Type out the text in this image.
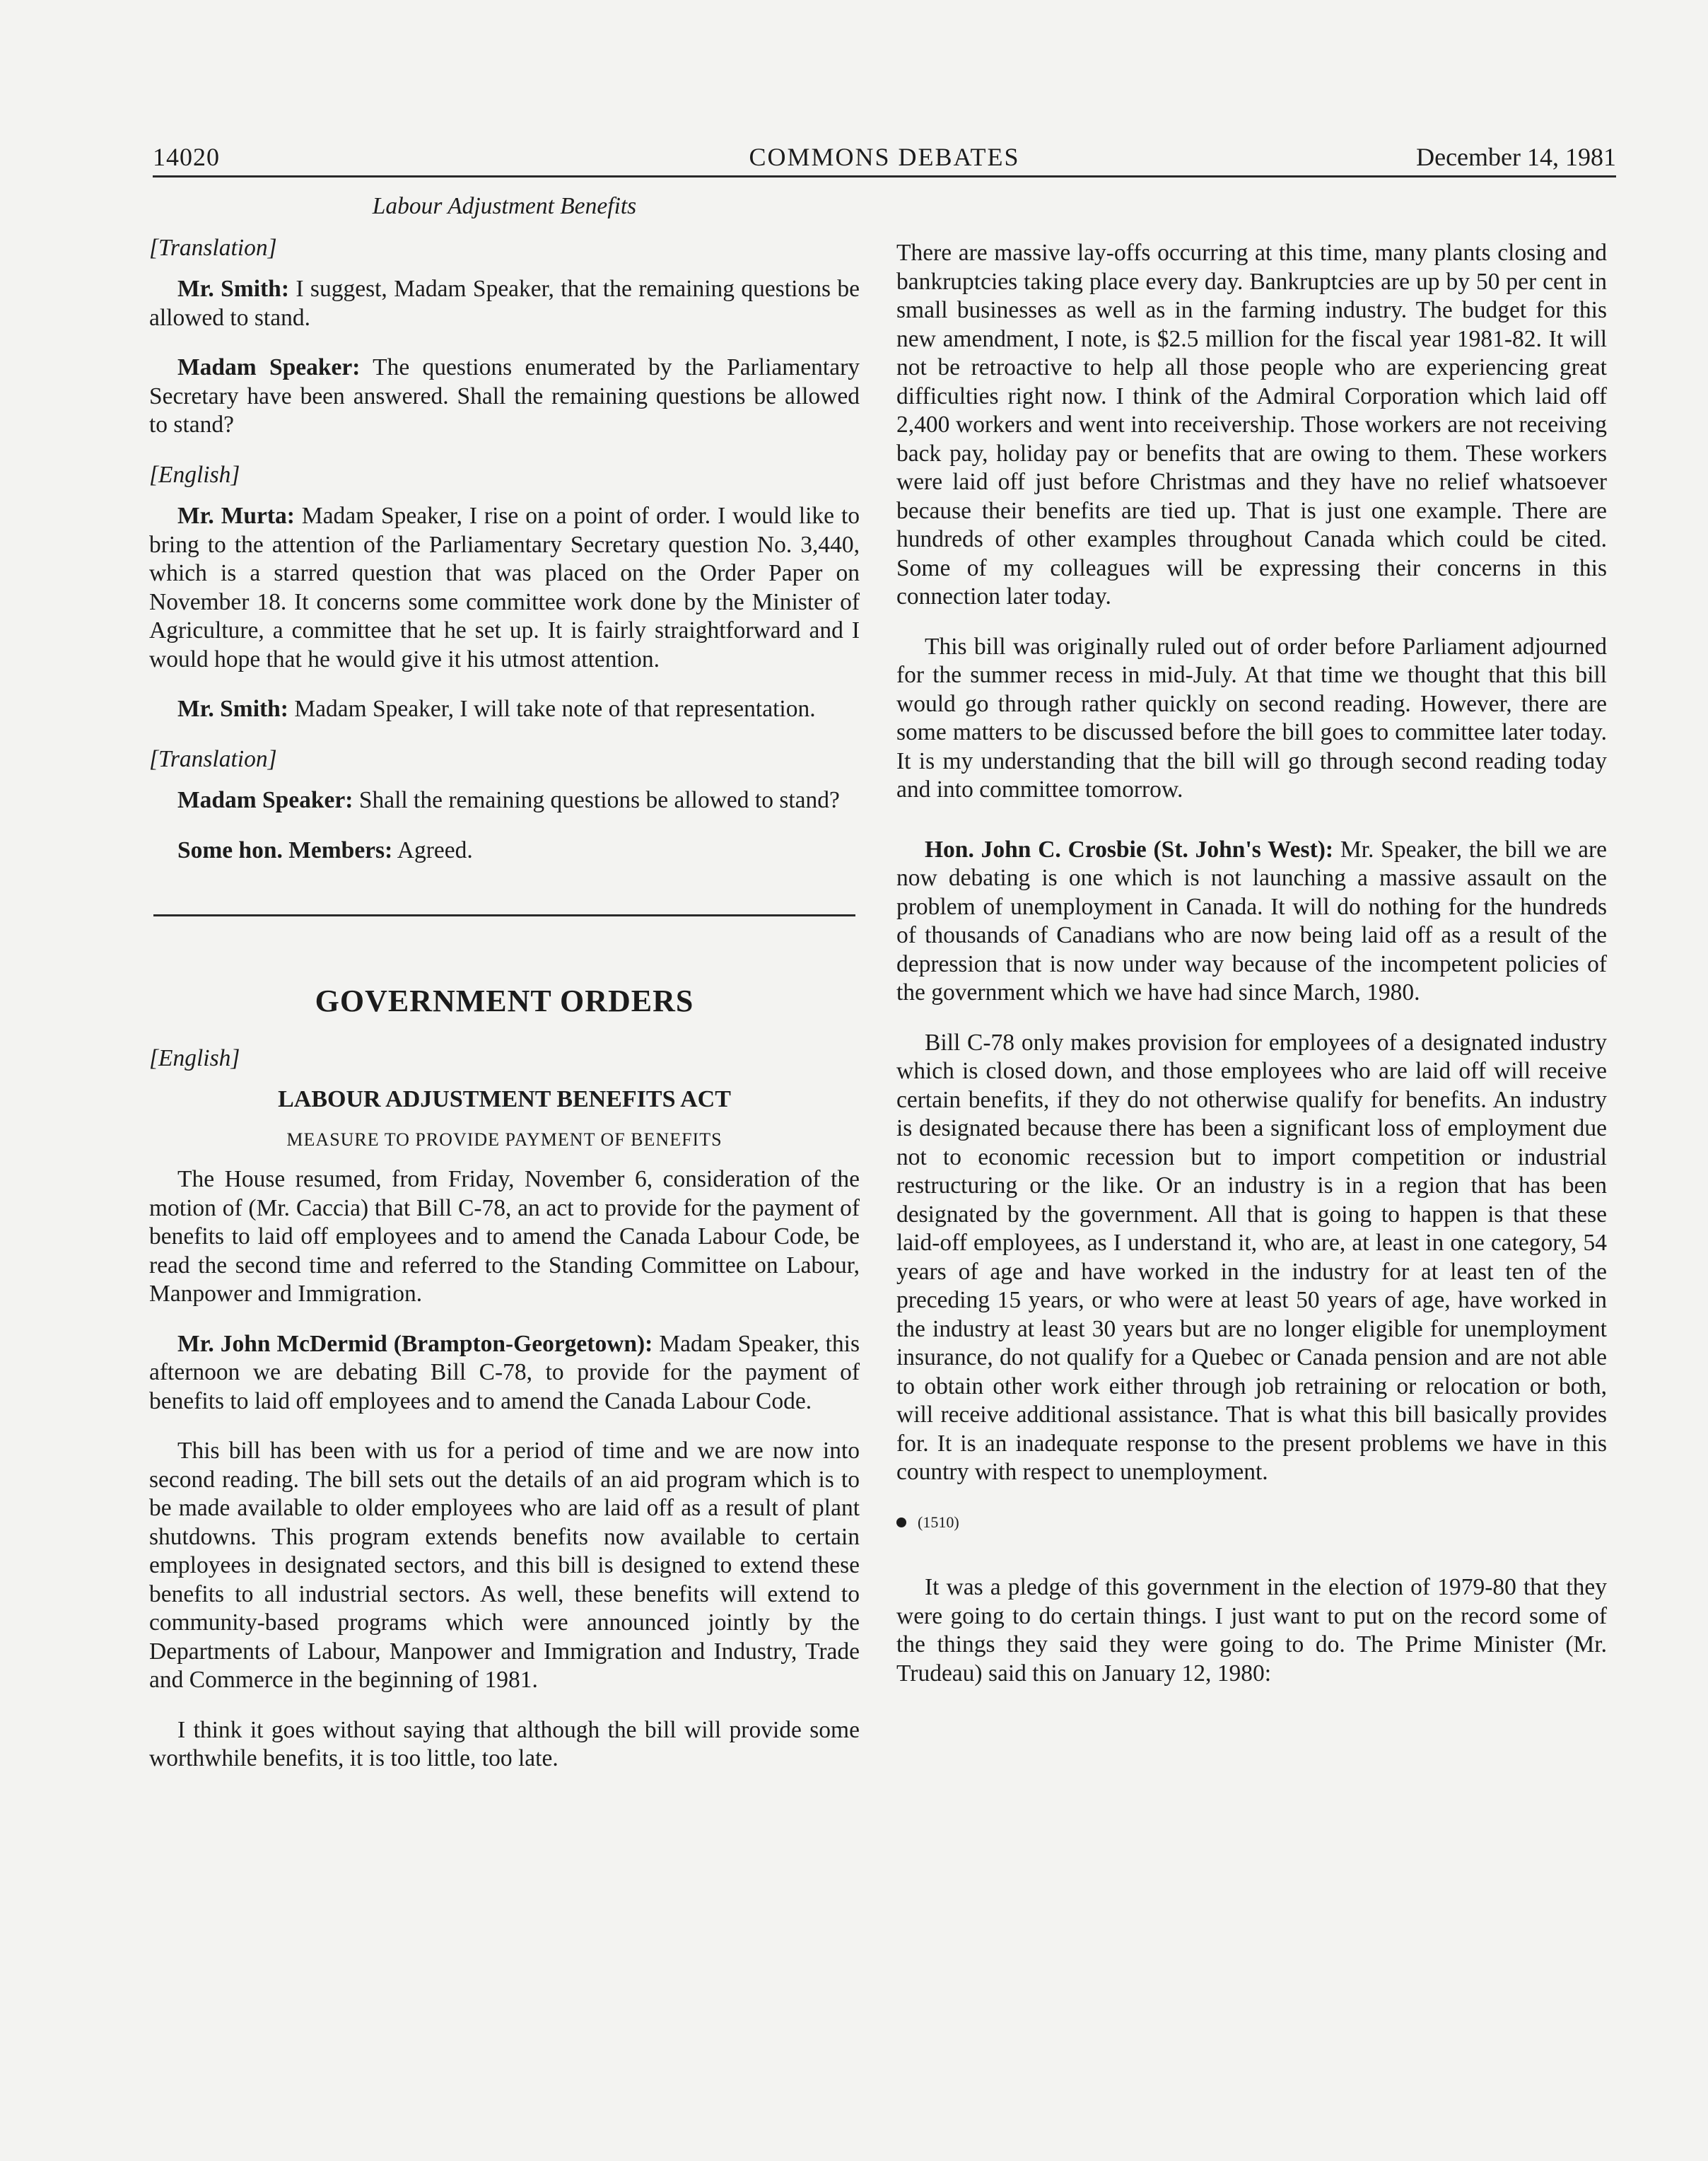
14020	COMMONS DEBATES	December 14, 1981
Labour Adjustment Benefits
[Translation]

Mr. Smith: I suggest, Madam Speaker, that the remaining questions be allowed to stand.

Madam Speaker: The questions enumerated by the Parliamentary Secretary have been answered. Shall the remaining questions be allowed to stand?

[English]

Mr. Murta: Madam Speaker, I rise on a point of order. I would like to bring to the attention of the Parliamentary Secretary question No. 3,440, which is a starred question that was placed on the Order Paper on November 18. It concerns some committee work done by the Minister of Agriculture, a committee that he set up. It is fairly straightforward and I would hope that he would give it his utmost attention.

Mr. Smith: Madam Speaker, I will take note of that representation.

[Translation]

Madam Speaker: Shall the remaining questions be allowed to stand?

Some hon. Members: Agreed.

GOVERNMENT ORDERS
[English]
LABOUR ADJUSTMENT BENEFITS ACT
MEASURE TO PROVIDE PAYMENT OF BENEFITS

The House resumed, from Friday, November 6, consideration of the motion of (Mr. Caccia) that Bill C-78, an act to provide for the payment of benefits to laid off employees and to amend the Canada Labour Code, be read the second time and referred to the Standing Committee on Labour, Manpower and Immigration.

Mr. John McDermid (Brampton-Georgetown): Madam Speaker, this afternoon we are debating Bill C-78, to provide for the payment of benefits to laid off employees and to amend the Canada Labour Code.

This bill has been with us for a period of time and we are now into second reading. The bill sets out the details of an aid program which is to be made available to older employees who are laid off as a result of plant shutdowns. This program extends benefits now available to certain employees in designated sectors, and this bill is designed to extend these benefits to all industrial sectors. As well, these benefits will extend to community-based programs which were announced jointly by the Departments of Labour, Manpower and Immigration and Industry, Trade and Commerce in the beginning of 1981.

I think it goes without saying that although the bill will provide some worthwhile benefits, it is too little, too late.

There are massive lay-offs occurring at this time, many plants closing and bankruptcies taking place every day. Bankruptcies are up by 50 per cent in small businesses as well as in the farming industry. The budget for this new amendment, I note, is $2.5 million for the fiscal year 1981-82. It will not be retroactive to help all those people who are experiencing great difficulties right now. I think of the Admiral Corporation which laid off 2,400 workers and went into receivership. Those workers are not receiving back pay, holiday pay or benefits that are owing to them. These workers were laid off just before Christmas and they have no relief whatsoever because their benefits are tied up. That is just one example. There are hundreds of other examples throughout Canada which could be cited. Some of my colleagues will be expressing their concerns in this connection later today.

This bill was originally ruled out of order before Parliament adjourned for the summer recess in mid-July. At that time we thought that this bill would go through rather quickly on second reading. However, there are some matters to be discussed before the bill goes to committee later today. It is my understanding that the bill will go through second reading today and into committee tomorrow.

Hon. John C. Crosbie (St. John's West): Mr. Speaker, the bill we are now debating is one which is not launching a massive assault on the problem of unemployment in Canada. It will do nothing for the hundreds of thousands of Canadians who are now being laid off as a result of the depression that is now under way because of the incompetent policies of the government which we have had since March, 1980.

Bill C-78 only makes provision for employees of a designated industry which is closed down, and those employees who are laid off will receive certain benefits, if they do not otherwise qualify for benefits. An industry is designated because there has been a significant loss of employment due not to economic recession but to import competition or industrial restructuring or the like. Or an industry is in a region that has been designated by the government. All that is going to happen is that these laid-off employees, as I understand it, who are, at least in one category, 54 years of age and have worked in the industry for at least ten of the preceding 15 years, or who were at least 50 years of age, have worked in the industry at least 30 years but are no longer eligible for unemployment insurance, do not qualify for a Quebec or Canada pension and are not able to obtain other work either through job retraining or relocation or both, will receive additional assistance. That is what this bill basically provides for. It is an inadequate response to the present problems we have in this country with respect to unemployment.

(1510)

It was a pledge of this government in the election of 1979-80 that they were going to do certain things. I just want to put on the record some of the things they said they were going to do. The Prime Minister (Mr. Trudeau) said this on January 12, 1980:
